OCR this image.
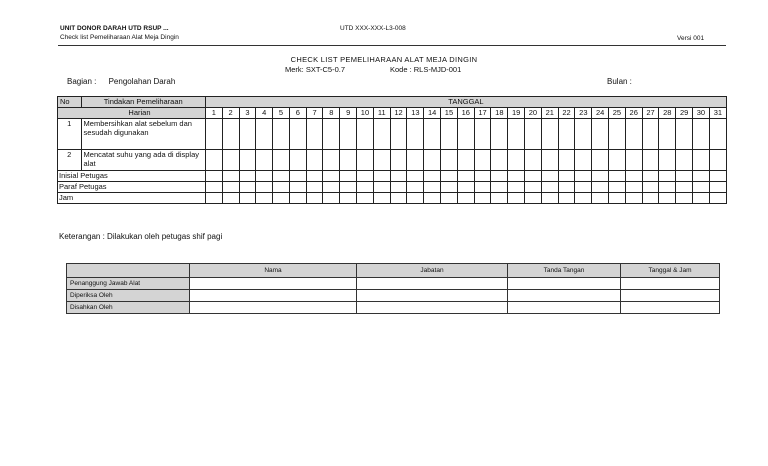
UNIT DONOR DARAH UTD RSUP ...
Check list Pemeliharaan Alat Meja Dingin
UTD XXX-XXX-L3-008
Versi 001
CHECK LIST PEMELIHARAAN ALAT MEJA DINGIN
Merk: SXT-C5-0.7	Kode : RLS-MJD-001
Bagian : Pengolahan Darah	Bulan :
No	Tindakan Pemeliharaan	TANGGAL																														
Harian		1	2	3	4	5	6	7	8	9	10	11	12	13	14	15	16	17	18	19	20	21	22	23	24	25	26	27	28	29	30	31
1	Membersihkan alat sebelum dan sesudah digunakan																															
2	Mencatat suhu yang ada di display alat																															
Inisial Petugas																																
Paraf Petugas																																
Jam																																
Keterangan : Dilakukan oleh petugas shif pagi
	Nama	Jabatan	Tanda Tangan	Tanggal & Jam
Penanggung Jawab Alat				
Diperiksa Oleh				
Disahkan Oleh				
